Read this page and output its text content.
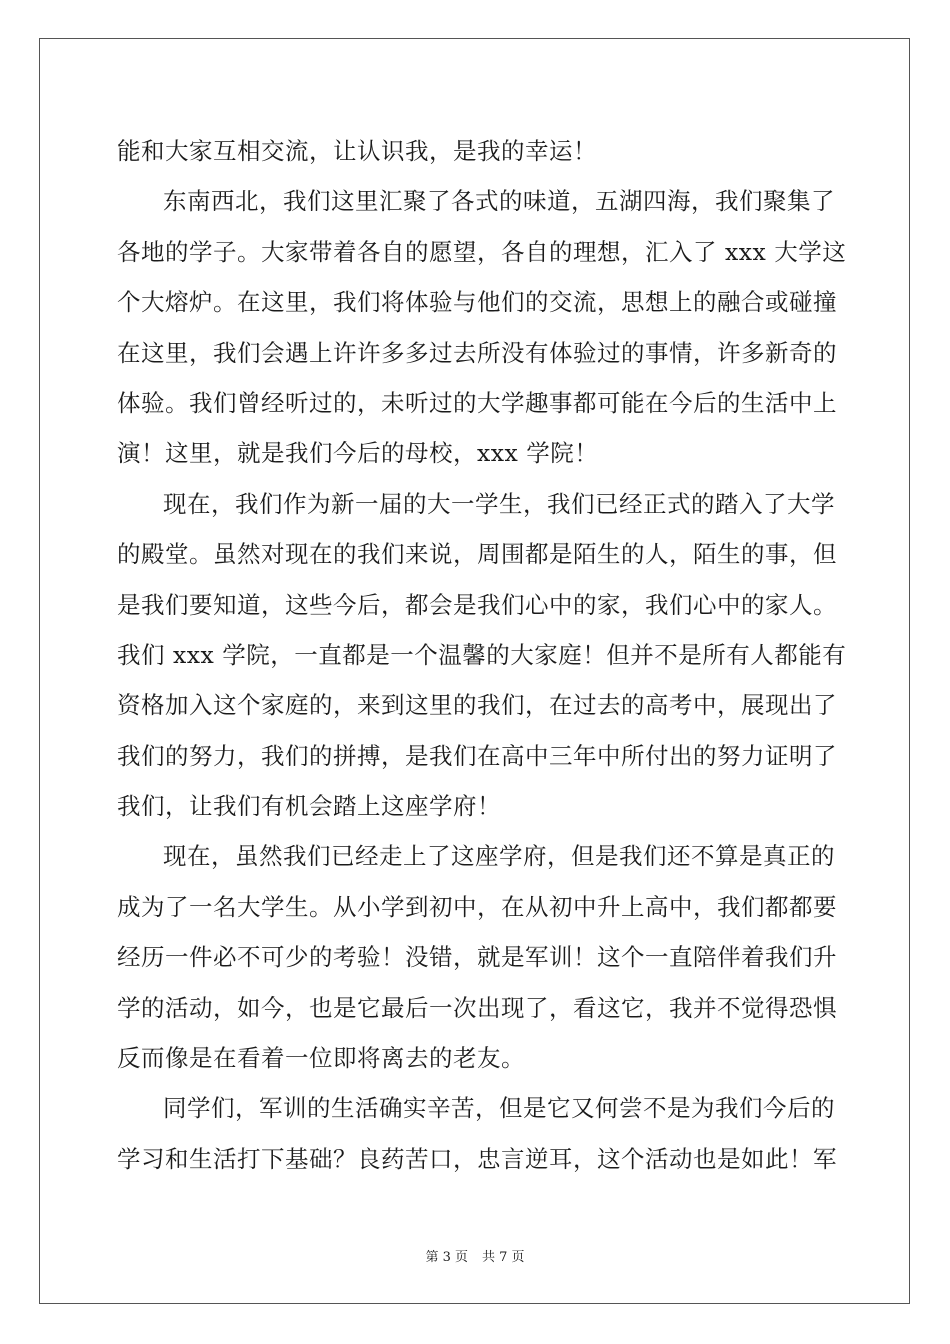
能和大家互相交流，让认识我，是我的幸运！
东南西北，我们这里汇聚了各式的味道，五湖四海，我们聚集了
各地的学子。大家带着各自的愿望，各自的理想，汇入了 xxx 大学这
个大熔炉。在这里，我们将体验与他们的交流，思想上的融合或碰撞
在这里，我们会遇上许许多多过去所没有体验过的事情，许多新奇的
体验。我们曾经听过的，未听过的大学趣事都可能在今后的生活中上
演！这里，就是我们今后的母校，xxx 学院！
现在，我们作为新一届的大一学生，我们已经正式的踏入了大学
的殿堂。虽然对现在的我们来说，周围都是陌生的人，陌生的事，但
是我们要知道，这些今后，都会是我们心中的家，我们心中的家人。
我们 xxx 学院，一直都是一个温馨的大家庭！但并不是所有人都能有
资格加入这个家庭的，来到这里的我们，在过去的高考中，展现出了
我们的努力，我们的拼搏，是我们在高中三年中所付出的努力证明了
我们，让我们有机会踏上这座学府！
现在，虽然我们已经走上了这座学府，但是我们还不算是真正的
成为了一名大学生。从小学到初中，在从初中升上高中，我们都都要
经历一件必不可少的考验！没错，就是军训！这个一直陪伴着我们升
学的活动，如今，也是它最后一次出现了，看这它，我并不觉得恐惧
反而像是在看着一位即将离去的老友。
同学们，军训的生活确实辛苦，但是它又何尝不是为我们今后的
学习和生活打下基础？良药苦口，忠言逆耳，这个活动也是如此！军
第 3 页 共 7 页
